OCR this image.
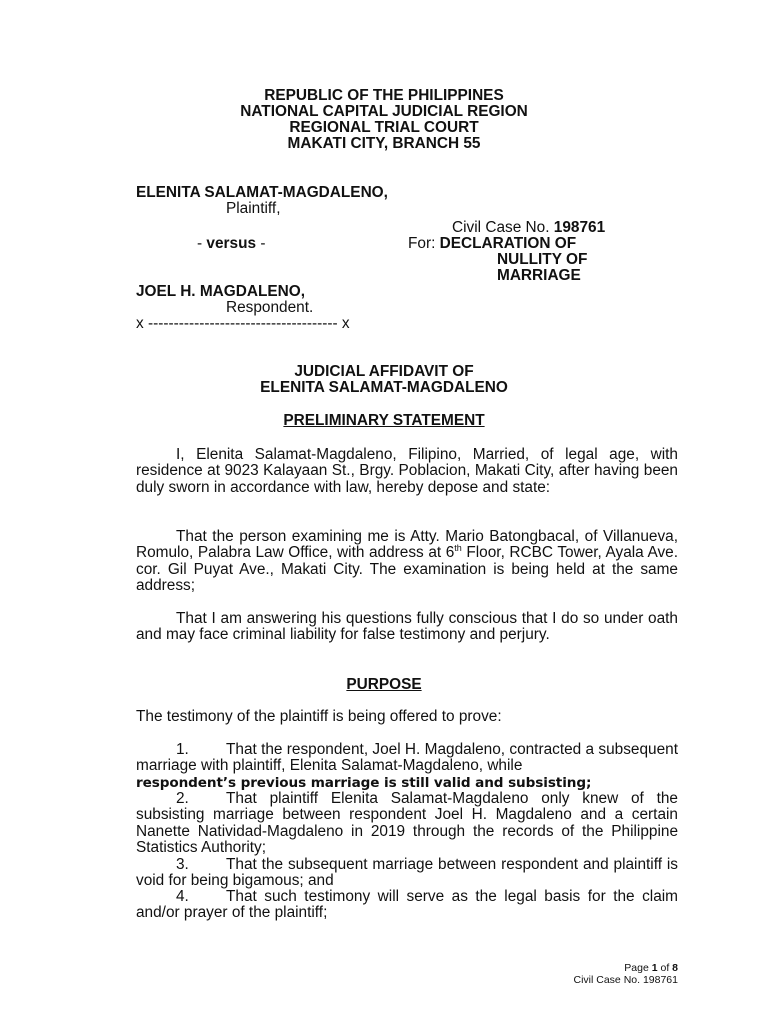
REPUBLIC OF THE PHILIPPINES
NATIONAL CAPITAL JUDICIAL REGION
REGIONAL TRIAL COURT
MAKATI CITY, BRANCH 55
ELENITA SALAMAT-MAGDALENO,
Plaintiff,
Civil Case No. 198761
- versus -	For: DECLARATION OF
NULLITY OF
MARRIAGE
JOEL H. MAGDALENO,
Respondent.
x ------------------------------------- x
JUDICIAL AFFIDAVIT OF
ELENITA SALAMAT-MAGDALENO
PRELIMINARY STATEMENT
I, Elenita Salamat-Magdaleno, Filipino, Married, of legal age, with residence at 9023 Kalayaan St., Brgy. Poblacion, Makati City, after having been duly sworn in accordance with law, hereby depose and state:
That the person examining me is Atty. Mario Batongbacal, of Villanueva, Romulo, Palabra Law Office, with address at 6th Floor, RCBC Tower, Ayala Ave. cor. Gil Puyat Ave., Makati City. The examination is being held at the same address;
That I am answering his questions fully conscious that I do so under oath and may face criminal liability for false testimony and perjury.
PURPOSE
The testimony of the plaintiff is being offered to prove:
1. That the respondent, Joel H. Magdaleno, contracted a subsequent marriage with plaintiff, Elenita Salamat-Magdaleno, while
respondent’s previous marriage is still valid and subsisting;
2. That plaintiff Elenita Salamat-Magdaleno only knew of the subsisting marriage between respondent Joel H. Magdaleno and a certain Nanette Natividad-Magdaleno in 2019 through the records of the Philippine Statistics Authority;
3. That the subsequent marriage between respondent and plaintiff is void for being bigamous; and
4. That such testimony will serve as the legal basis for the claim and/or prayer of the plaintiff;
Page 1 of 8
Civil Case No. 198761
